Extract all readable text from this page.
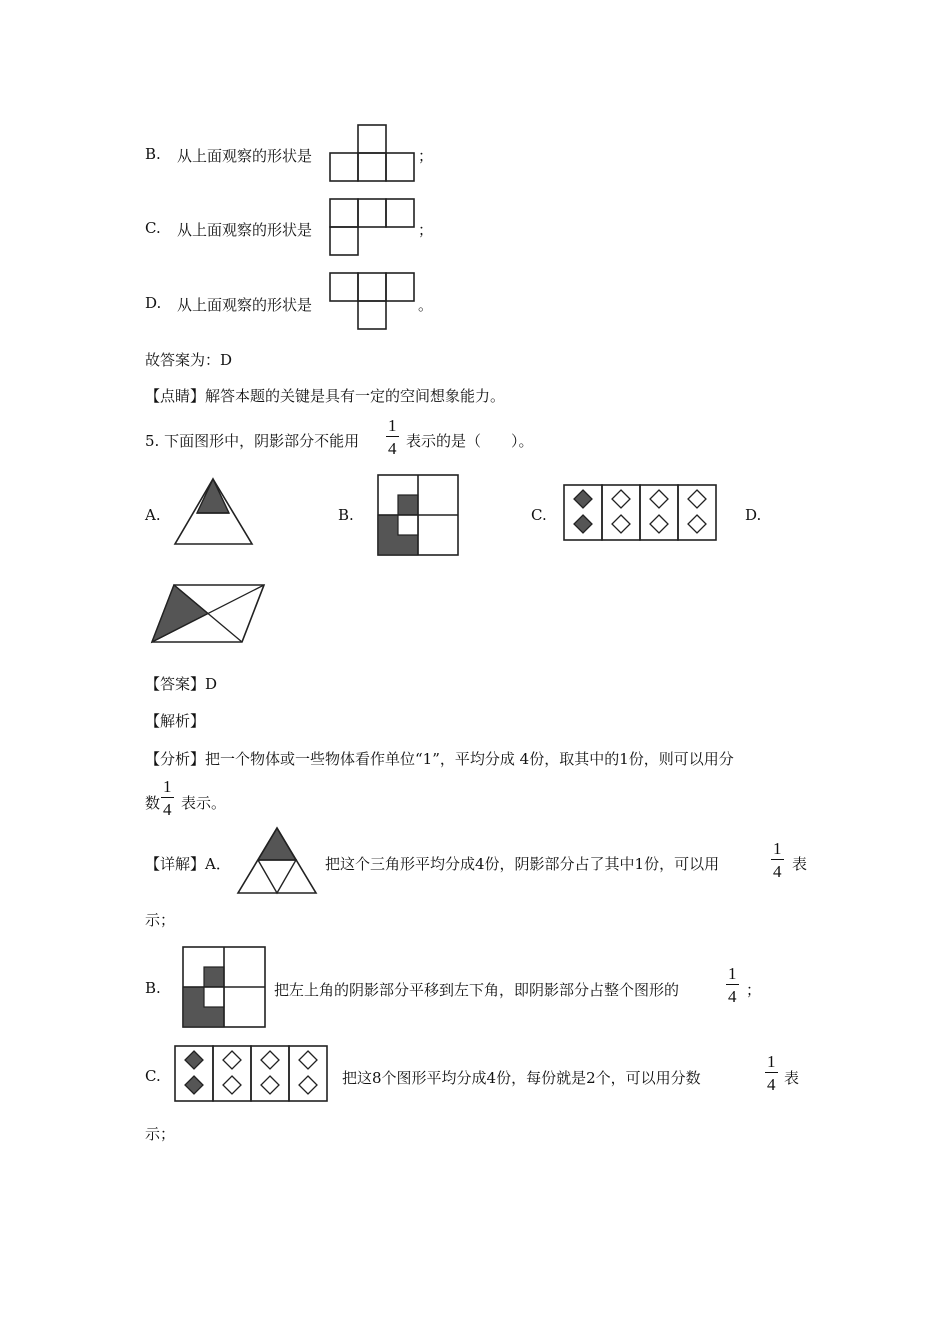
B. 从上面观察的形状是	；
C. 从上面观察的形状是	；
D. 从上面观察的形状是	。
故答案为：D
【点睛】解答本题的关键是具有一定的空间想象能力。
5. 下面图形中，阴影部分不能用
1
4 表示的是（　　）。
A.	B.	C.	D.
【答案】D
【解析】
【分析】把一个物体或一些物体看作单位“1”，平均分成 4份，取其中的1份，则可以用分
数
1
4 表示。
【详解】A．	把这个三角形平均分成4份，阴影部分占了其中1份，可以用
1
4 表
示；
B.	把左上角的阴影部分平移到左下角，即阴影部分占整个图形的
1
4 ；
C.	把这8个图形平均分成4份，每份就是2个，可以用分数
1
4 表
示；
